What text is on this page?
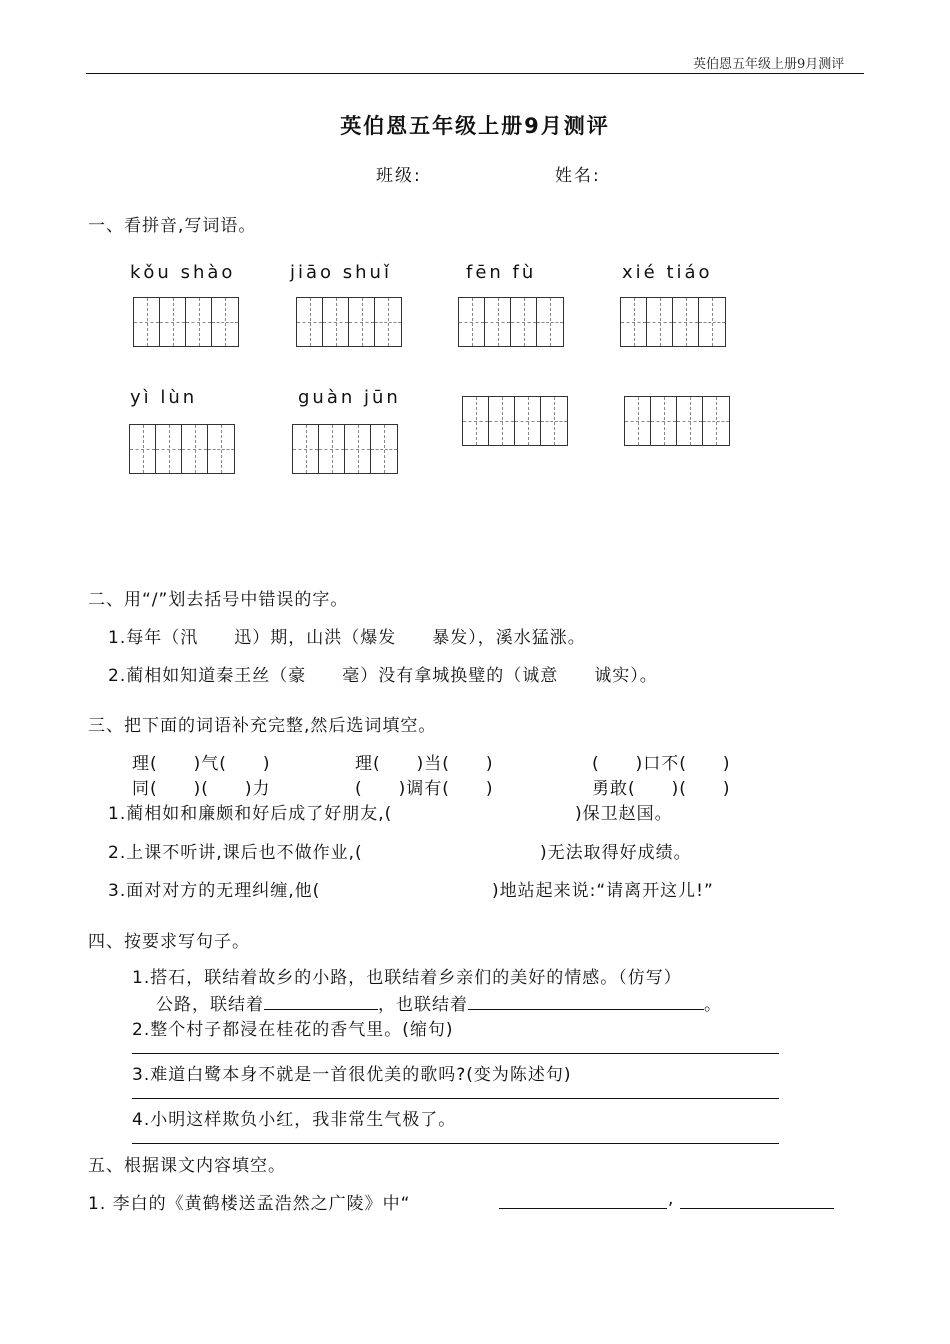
英伯恩五年级上册9月测评
英伯恩五年级上册9月测评
班级:	姓名:
一、看拼音,写词语。
kǒu shào	jiāo shuǐ	fēn fù	xié tiáo
yì lùn	guàn jūn
二、用“/”划去括号中错误的字。
1.每年（汛　　迅）期，山洪（爆发　　暴发），溪水猛涨。
2.蔺相如知道秦王丝（豪　　毫）没有拿城换璧的（诚意　　诚实）。
三、把下面的词语补充完整,然后选词填空。
理(　　)气(　　)	理(　　)当(　　)	(　　)口不(　　)
同(　　)(　　)力	(　　)调有(　　)	勇敢(　　)(　　)
1.蔺相如和廉颇和好后成了好朋友,(	)保卫赵国。
2.上课不听讲,课后也不做作业,(	)无法取得好成绩。
3.面对对方的无理纠缠,他(	)地站起来说:“请离开这儿!”
四、按要求写句子。
1.搭石，联结着故乡的小路，也联结着乡亲们的美好的情感。（仿写）
公路，联结着	，也联结着	。
2.整个村子都浸在桂花的香气里。(缩句)
3.难道白鹭本身不就是一首很优美的歌吗?(变为陈述句)
4.小明这样欺负小红，我非常生气极了。
五、根据课文内容填空。
1. 李白的《黄鹤楼送孟浩然之广陵》中“	,
